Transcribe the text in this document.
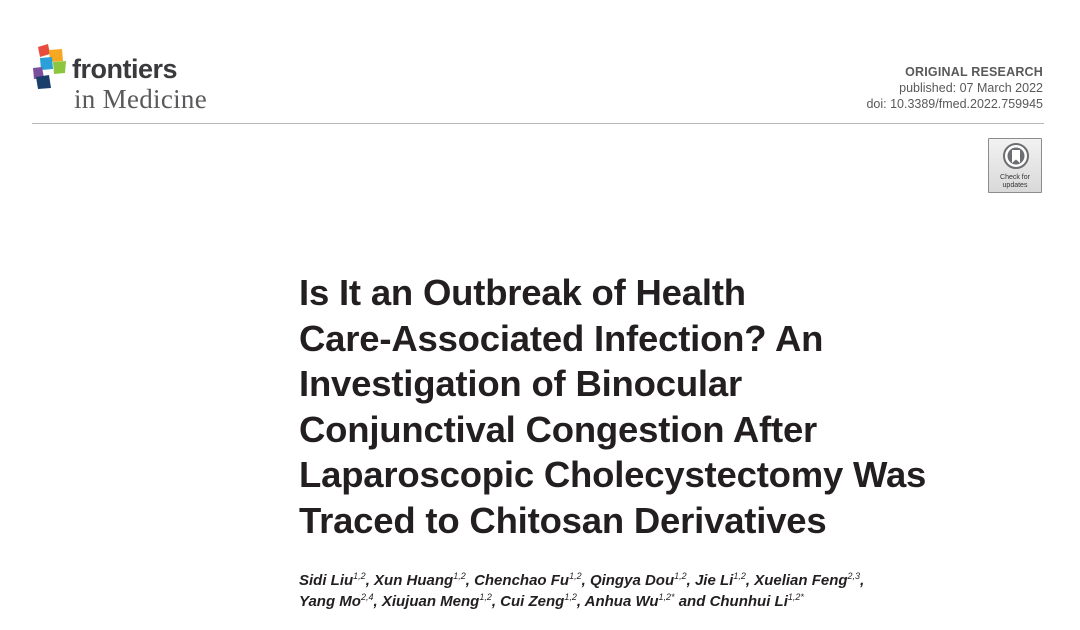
frontiers
in Medicine
ORIGINAL RESEARCH
published: 07 March 2022
doi: 10.3389/fmed.2022.759945
Check for
updates
Is It an Outbreak of Health
Care-Associated Infection? An
Investigation of Binocular
Conjunctival Congestion After
Laparoscopic Cholecystectomy Was
Traced to Chitosan Derivatives
Sidi Liu$^{1,2}$, Xun Huang$^{1,2}$, Chenchao Fu$^{1,2}$, Qingya Dou$^{1,2}$, Jie Li$^{1,2}$, Xuelian Feng$^{2,3}$,
Yang Mo$^{2,4}$, Xiujuan Meng$^{1,2}$, Cui Zeng$^{1,2}$, Anhua $Wu^{1,2*}$ and Chunhui $Li^{1,2*}$
